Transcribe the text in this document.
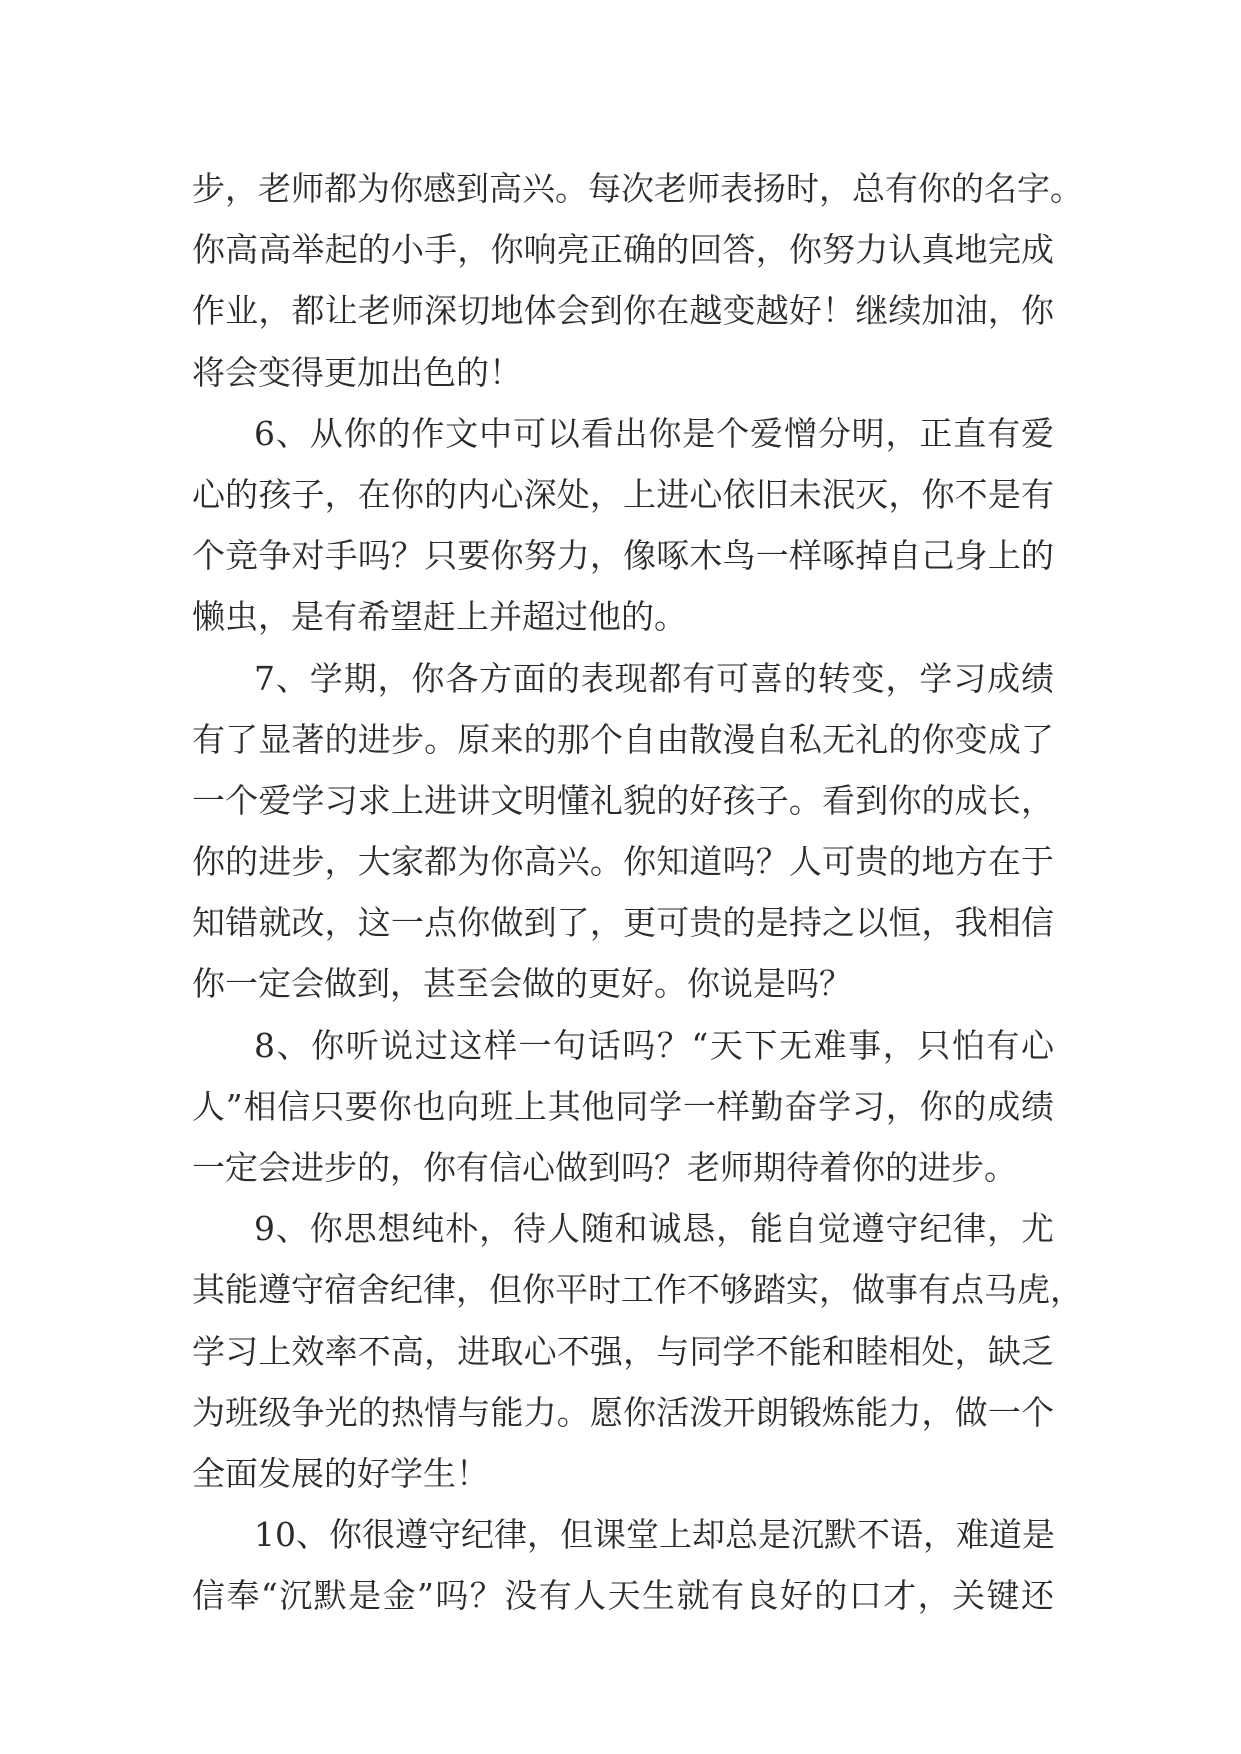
步，老师都为你感到高兴。每次老师表扬时，总有你的名字。
你高高举起的小手，你响亮正确的回答，你努力认真地完成
作业，都让老师深切地体会到你在越变越好！继续加油，你
将会变得更加出色的！
6、从你的作文中可以看出你是个爱憎分明，正直有爱
心的孩子，在你的内心深处，上进心依旧未泯灭，你不是有
个竞争对手吗？只要你努力，像啄木鸟一样啄掉自己身上的
懒虫，是有希望赶上并超过他的。
7、学期，你各方面的表现都有可喜的转变，学习成绩
有了显著的进步。原来的那个自由散漫自私无礼的你变成了
一个爱学习求上进讲文明懂礼貌的好孩子。看到你的成长，
你的进步，大家都为你高兴。你知道吗？人可贵的地方在于
知错就改，这一点你做到了，更可贵的是持之以恒，我相信
你一定会做到，甚至会做的更好。你说是吗？
8、你听说过这样一句话吗？“天下无难事，只怕有心
人”相信只要你也向班上其他同学一样勤奋学习，你的成绩
一定会进步的，你有信心做到吗？老师期待着你的进步。
9、你思想纯朴，待人随和诚恳，能自觉遵守纪律，尤
其能遵守宿舍纪律，但你平时工作不够踏实，做事有点马虎，
学习上效率不高，进取心不强，与同学不能和睦相处，缺乏
为班级争光的热情与能力。愿你活泼开朗锻炼能力，做一个
全面发展的好学生！
10、你很遵守纪律，但课堂上却总是沉默不语，难道是
信奉“沉默是金”吗？没有人天生就有良好的口才，关键还
